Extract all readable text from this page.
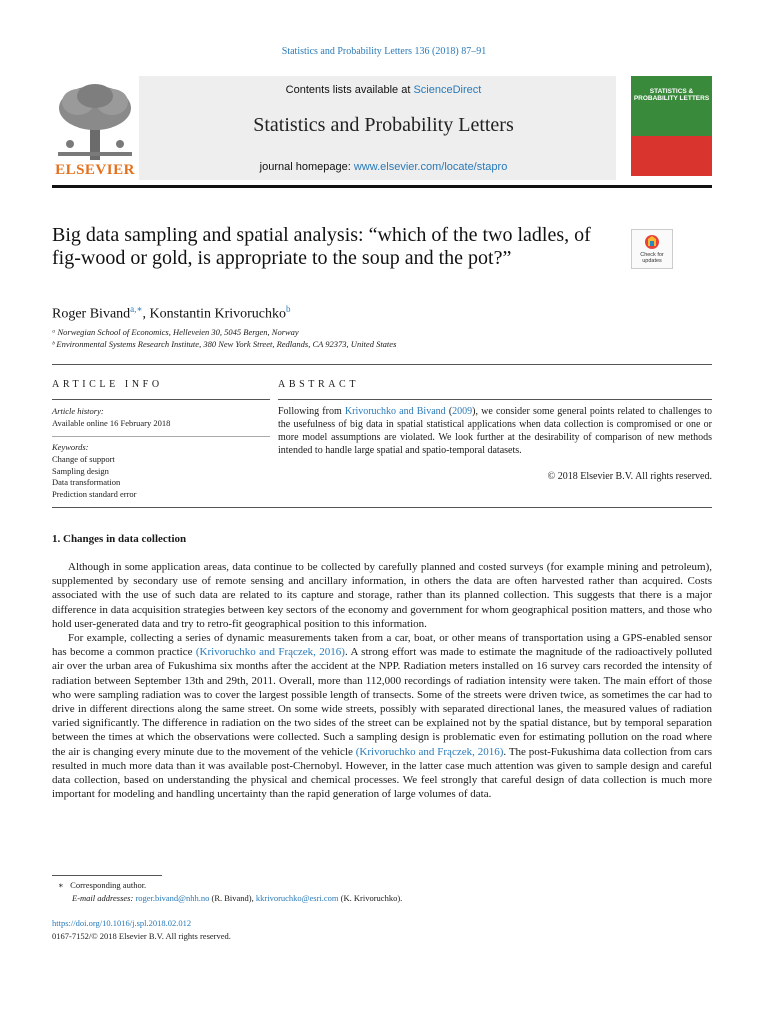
Statistics and Probability Letters 136 (2018) 87–91
ELSEVIER
Contents lists available at ScienceDirect
Statistics and Probability Letters
journal homepage: www.elsevier.com/locate/stapro
STATISTICS & PROBABILITY LETTERS
Big data sampling and spatial analysis: “which of the two ladles, of fig-wood or gold, is appropriate to the soup and the pot?”	Check for updates
Roger Bivand$^{a,∗}$, Konstantin Krivoruchko$^b$
ᵃ Norwegian School of Economics, Helleveien 30, 5045 Bergen, Norway
ᵇ Environmental Systems Research Institute, 380 New York Street, Redlands, CA 92373, United States
ARTICLE INFO	ABSTRACT
Article history:
Available online 16 February 2018
Keywords:
Change of support
Sampling design
Data transformation
Prediction standard error
Following from Krivoruchko and Bivand (2009), we consider some general points related to challenges to the usefulness of big data in spatial statistical applications when data collection is compromised or one or more model assumptions are violated. We look further at the desirability of comparison of new methods intended to handle large spatial and spatio-temporal datasets.
© 2018 Elsevier B.V. All rights reserved.
1. Changes in data collection

Although in some application areas, data continue to be collected by carefully planned and costed surveys (for example mining and petroleum), supplemented by secondary use of remote sensing and ancillary information, in others the data are often harvested rather than acquired. Costs associated with the use of such data are related to its capture and storage, rather than its planned collection. This suggests that there is a major difference in data acquisition strategies between key sectors of the economy and government for whom geographical position matters, and those who hold user-generated data and try to retro-fit geographical position to this information.

For example, collecting a series of dynamic measurements taken from a car, boat, or other means of transportation using a GPS-enabled sensor has become a common practice (Krivoruchko and Frączek, 2016). A strong effort was made to estimate the magnitude of the radioactively polluted air over the urban area of Fukushima six months after the accident at the NPP. Radiation meters installed on 16 survey cars recorded the intensity of radiation between September 13th and 29th, 2011. Overall, more than 112,000 recordings of radiation intensity were taken. The main effort of those who were sampling radiation was to cover the largest possible length of transects. Some of the streets were driven twice, as sometimes the car had to drive in different directions along the same street. On some wide streets, possibly with separated directional lanes, the measured values of radiation varied significantly. The difference in radiation on the two sides of the street can be explained not by the spatial distance, but by temporal separation between the times at which the observations were collected. Such a sampling design is problematic even for estimating pollution on the road where the air is changing every minute due to the movement of the vehicle (Krivoruchko and Frączek, 2016). The post-Fukushima data collection from cars resulted in much more data than it was available post-Chernobyl. However, in the latter case much attention was given to sample design and careful data collection, based on understanding the physical and chemical processes. We feel strongly that careful design of data collection is much more important for modeling and handling uncertainty than the rapid generation of large volumes of data.

∗ Corresponding author.
E-mail addresses: roger.bivand@nhh.no (R. Bivand), kkrivoruchko@esri.com (K. Krivoruchko).
https://doi.org/10.1016/j.spl.2018.02.012
0167-7152/© 2018 Elsevier B.V. All rights reserved.
